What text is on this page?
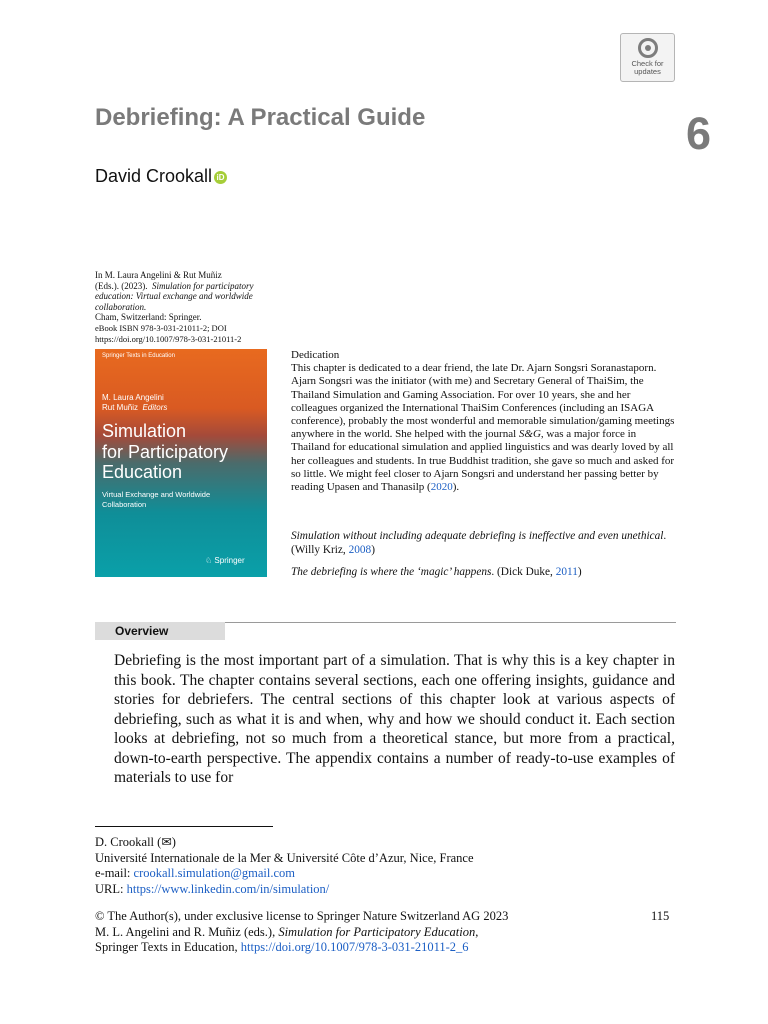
Check for
updates
Debriefing: A Practical Guide	6
David Crookall iD
In M. Laura Angelini & Rut Muñiz
(Eds.). (2023). Simulation for participatory education: Virtual exchange and worldwide collaboration.
Cham, Switzerland: Springer.
eBook ISBN 978-3-031-21011-2; DOI
https://doi.org/10.1007/978-3-031-21011-2
Springer Texts in Education
M. Laura Angelini
Rut Muñiz Editors
Simulation
for Participatory
Education
Virtual Exchange and Worldwide
Collaboration
♘ Springer
Dedication
This chapter is dedicated to a dear friend, the late Dr. Ajarn Songsri Soranastaporn. Ajarn Songsri was the initiator (with me) and Secretary General of ThaiSim, the Thailand Simulation and Gaming Association. For over 10 years, she and her colleagues organized the International ThaiSim Conferences (including an ISAGA conference), probably the most wonderful and memorable simulation/gaming meetings anywhere in the world. She helped with the journal S&G, was a major force in Thailand for educational simulation and applied linguistics and was dearly loved by all her colleagues and students. In true Buddhist tradition, she gave so much and asked for so little. We might feel closer to Ajarn Songsri and understand her passing better by reading Upasen and Thanasilp (2020).
Simulation without including adequate debriefing is ineffective and even unethical. (Willy Kriz, 2008)
The debriefing is where the ‘magic’ happens. (Dick Duke, 2011)
Overview
Debriefing is the most important part of a simulation. That is why this is a key chapter in this book. The chapter contains several sections, each one offering insights, guidance and stories for debriefers. The central sections of this chapter look at various aspects of debriefing, such as what it is and when, why and how we should conduct it. Each section looks at debriefing, not so much from a theoretical stance, but more from a practical, down-to-earth perspective. The appendix contains a number of ready-to-use examples of materials to use for
D. Crookall (✉)
Université Internationale de la Mer & Université Côte d’Azur, Nice, France
e-mail: crookall.simulation@gmail.com
URL: https://www.linkedin.com/in/simulation/
© The Author(s), under exclusive license to Springer Nature Switzerland AG 2023
M. L. Angelini and R. Muñiz (eds.), Simulation for Participatory Education,
Springer Texts in Education, https://doi.org/10.1007/978-3-031-21011-2_6
115
